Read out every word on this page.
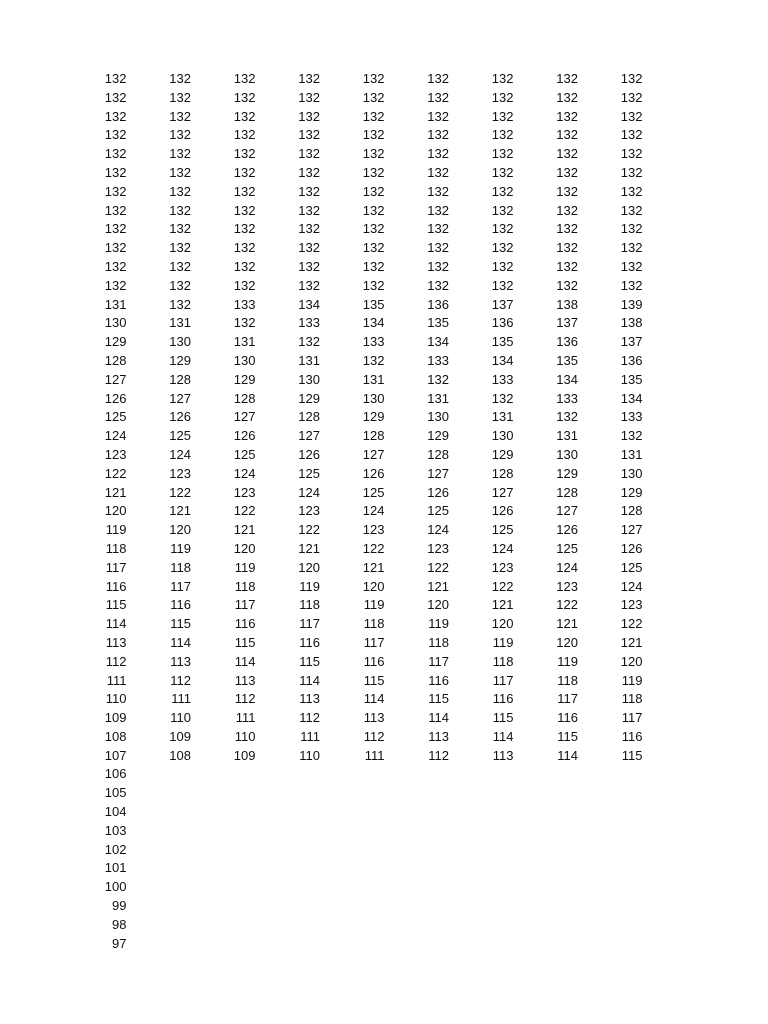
132	132	132	132	132	132	132	132	132
132	132	132	132	132	132	132	132	132
132	132	132	132	132	132	132	132	132
132	132	132	132	132	132	132	132	132
132	132	132	132	132	132	132	132	132
132	132	132	132	132	132	132	132	132
132	132	132	132	132	132	132	132	132
132	132	132	132	132	132	132	132	132
132	132	132	132	132	132	132	132	132
132	132	132	132	132	132	132	132	132
132	132	132	132	132	132	132	132	132
132	132	132	132	132	132	132	132	132
131	132	133	134	135	136	137	138	139
130	131	132	133	134	135	136	137	138
129	130	131	132	133	134	135	136	137
128	129	130	131	132	133	134	135	136
127	128	129	130	131	132	133	134	135
126	127	128	129	130	131	132	133	134
125	126	127	128	129	130	131	132	133
124	125	126	127	128	129	130	131	132
123	124	125	126	127	128	129	130	131
122	123	124	125	126	127	128	129	130
121	122	123	124	125	126	127	128	129
120	121	122	123	124	125	126	127	128
119	120	121	122	123	124	125	126	127
118	119	120	121	122	123	124	125	126
117	118	119	120	121	122	123	124	125
116	117	118	119	120	121	122	123	124
115	116	117	118	119	120	121	122	123
114	115	116	117	118	119	120	121	122
113	114	115	116	117	118	119	120	121
112	113	114	115	116	117	118	119	120
111	112	113	114	115	116	117	118	119
110	111	112	113	114	115	116	117	118
109	110	111	112	113	114	115	116	117
108	109	110	111	112	113	114	115	116
107	108	109	110	111	112	113	114	115
106								
105								
104								
103								
102								
101								
100								
99								
98								
97								
